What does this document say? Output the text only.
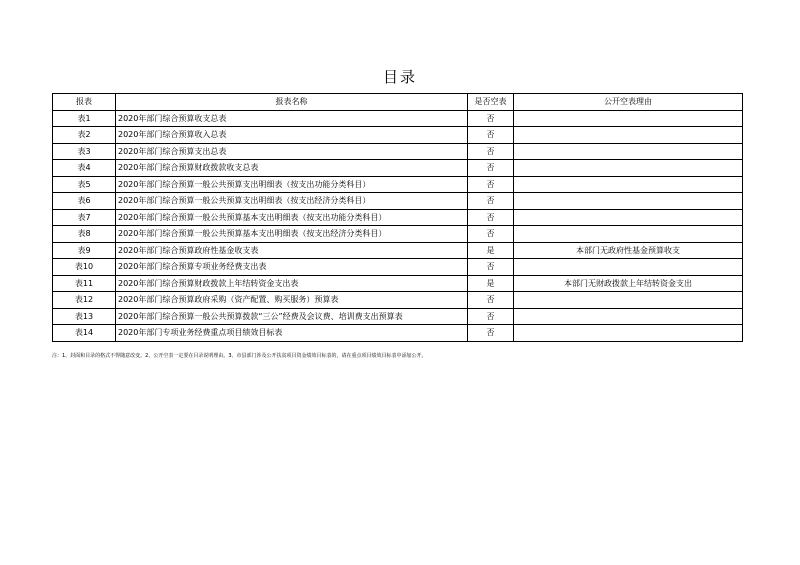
目录
报表	报表名称	是否空表	公开空表理由
表1	2020年部门综合预算收支总表	否	
表2	2020年部门综合预算收入总表	否	
表3	2020年部门综合预算支出总表	否	
表4	2020年部门综合预算财政拨款收支总表	否	
表5	2020年部门综合预算一般公共预算支出明细表（按支出功能分类科目）	否	
表6	2020年部门综合预算一般公共预算支出明细表（按支出经济分类科目）	否	
表7	2020年部门综合预算一般公共预算基本支出明细表（按支出功能分类科目）	否	
表8	2020年部门综合预算一般公共预算基本支出明细表（按支出经济分类科目）	否	
表9	2020年部门综合预算政府性基金收支表	是	本部门无政府性基金预算收支
表10	2020年部门综合预算专项业务经费支出表	否	
表11	2020年部门综合预算财政拨款上年结转资金支出表	是	本部门无财政拨款上年结转资金支出
表12	2020年部门综合预算政府采购（资产配置、购买服务）预算表	否	
表13	2020年部门综合预算一般公共预算拨款“三公”经费及会议费、培训费支出预算表	否	
表14	2020年部门专项业务经费重点项目绩效目标表	否	
注：1、封面和目录的格式不得随意改变。2、公开空表一定要在目录说明理由。3、市县部门涉及公开扶贫项目资金绩效目标表的，请在重点项目绩效目标表中添加公开。
